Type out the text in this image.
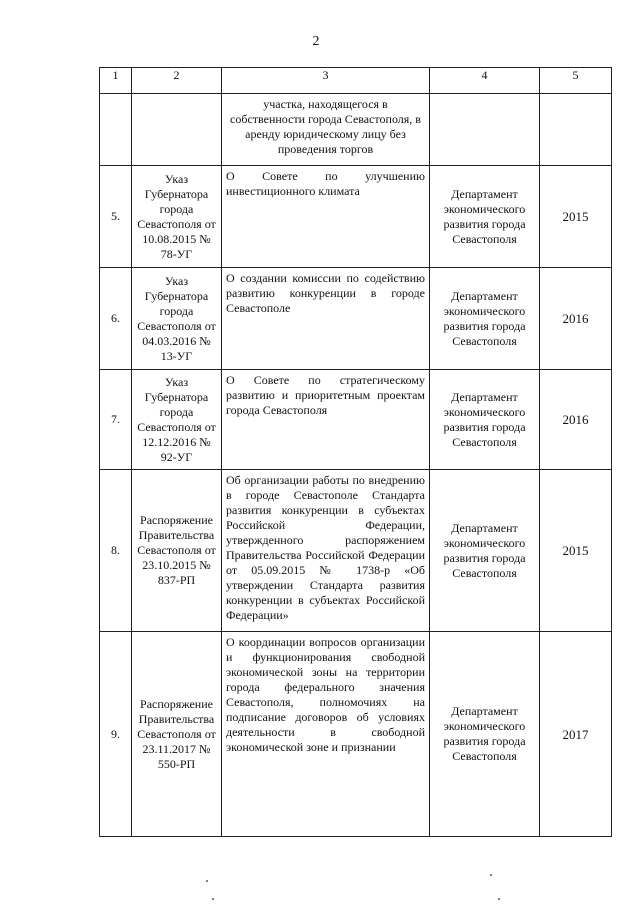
2
1	2	3	4	5
		участка, находящегося в собственности города Севастополя, в аренду юридическому лицу без проведения торгов		
5.	Указ Губернатора города Севастополя от 10.08.2015 № 78-УГ	О Совете по улучшению инвестиционного климата	Департамент экономического развития города Севастополя	2015
6.	Указ Губернатора города Севастополя от 04.03.2016 № 13-УГ	О создании комиссии по содействию развитию конкуренции в городе Севастополе	Департамент экономического развития города Севастополя	2016
7.	Указ Губернатора города Севастополя от 12.12.2016 № 92-УГ	О Совете по стратегическому развитию и приоритетным проектам города Севастополя	Департамент экономического развития города Севастополя	2016
8.	Распоряжение Правительства Севастополя от 23.10.2015 № 837-РП	Об организации работы по внедрению в городе Севастополе Стандарта развития конкуренции в субъектах Российской Федерации, утвержденного распоряжением Правительства Российской Федерации от 05.09.2015 № 1738-р «Об утверждении Стандарта развития конкуренции в субъектах Российской Федерации»	Департамент экономического развития города Севастополя	2015
9.	Распоряжение Правительства Севастополя от 23.11.2017 № 550-РП	О координации вопросов организации и функционирования свободной экономической зоны на территории города федерального значения Севастополя, полномочиях на подписание договоров об условиях деятельности в свободной экономической зоне и признании	Департамент экономического развития города Севастополя	2017
